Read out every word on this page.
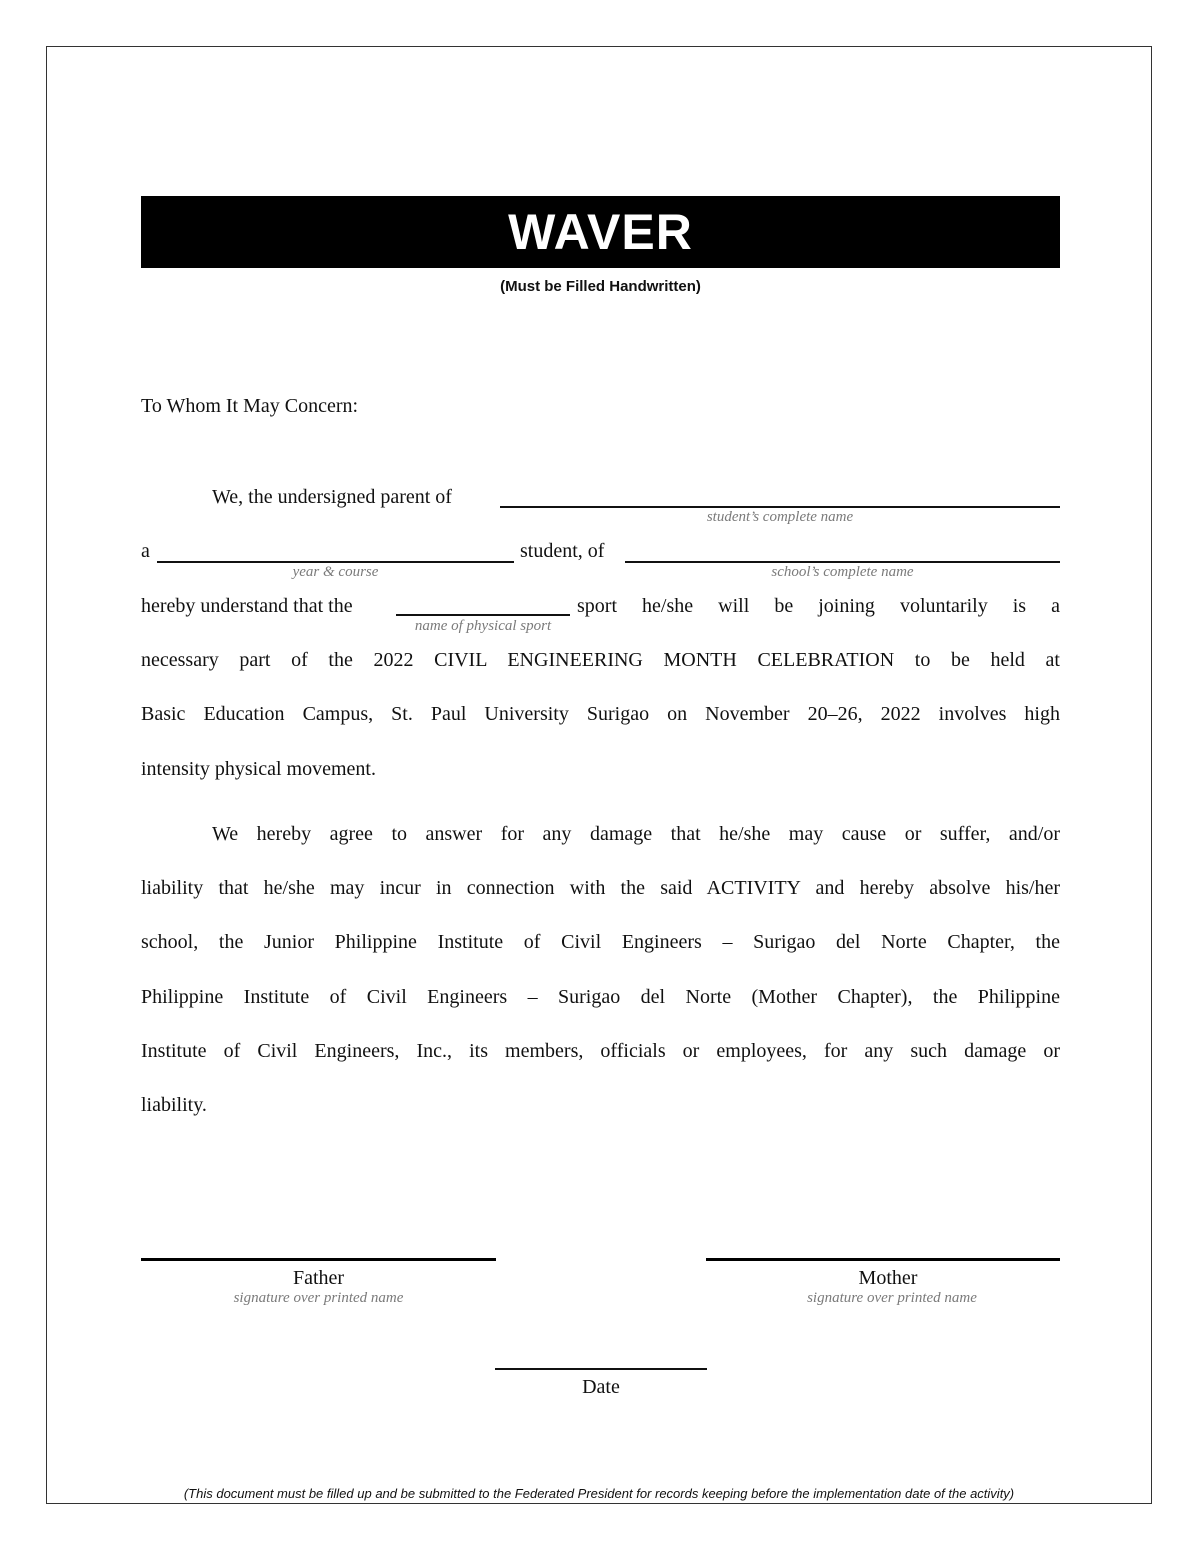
WAVER
(Must be Filled Handwritten)
To Whom It May Concern:
We, the undersigned parent of
student’s complete name
a
year & course
student, of
school’s complete name
hereby understand that the
name of physical sport
sport he/she will be joining voluntarily is a
necessary part of the 2022 CIVIL ENGINEERING MONTH CELEBRATION to be held at
Basic Education Campus, St. Paul University Surigao on November 20–26, 2022 involves high
intensity physical movement.
We hereby agree to answer for any damage that he/she may cause or suffer, and/or
liability that he/she may incur in connection with the said ACTIVITY and hereby absolve his/her
school, the Junior Philippine Institute of Civil Engineers – Surigao del Norte Chapter, the
Philippine Institute of Civil Engineers – Surigao del Norte (Mother Chapter), the Philippine
Institute of Civil Engineers, Inc., its members, officials or employees, for any such damage or
liability.
Father
signature over printed name
Mother
signature over printed name
Date
(This document must be filled up and be submitted to the Federated President for records keeping before the implementation date of the activity)
